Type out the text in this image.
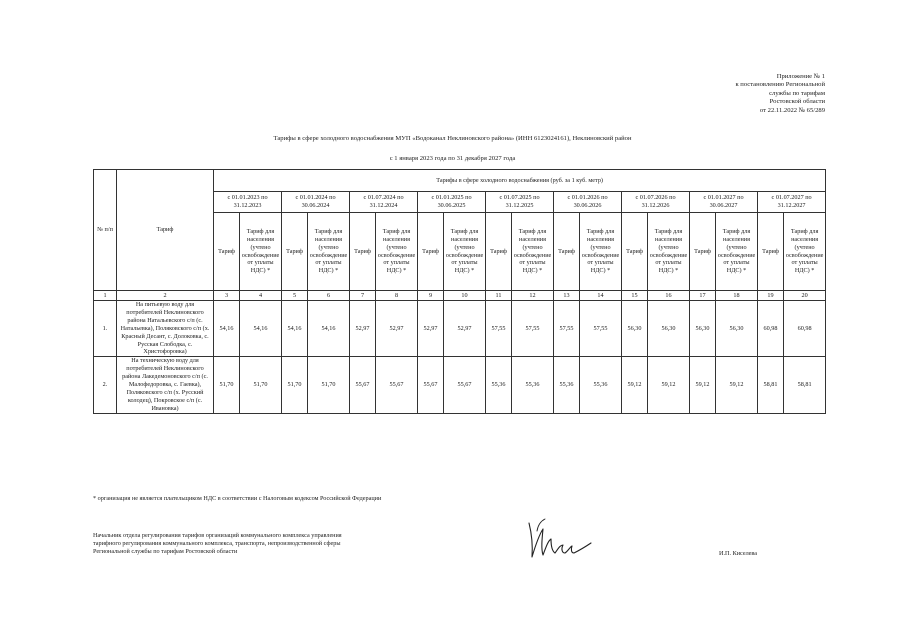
Приложение № 1
к постановлению Региональной
службы по тарифам
Ростовской области
от 22.11.2022 № 65/289
Тарифы в сфере холодного водоснабжения МУП «Водоканал Неклиновского района» (ИНН 6123024161), Неклиновский район
с 1 января 2023 года по 31 декабря 2027 года
№ п/п	Тариф	Тарифы в сфере холодного водоснабжения (руб. за 1 куб. метр)																	
		с 01.01.2023 по 31.12.2023		с 01.01.2024 по 30.06.2024		с 01.07.2024 по 31.12.2024		с 01.01.2025 по 30.06.2025		с 01.07.2025 по 31.12.2025		с 01.01.2026 по 30.06.2026		с 01.07.2026 по 31.12.2026		с 01.01.2027 по 30.06.2027		с 01.07.2027 по 31.12.2027	
		Тариф	Тариф для населения (учтено освобождение от уплаты НДС) *	Тариф	Тариф для населения (учтено освобождение от уплаты НДС) *	Тариф	Тариф для населения (учтено освобождение от уплаты НДС) *	Тариф	Тариф для населения (учтено освобождение от уплаты НДС) *	Тариф	Тариф для населения (учтено освобождение от уплаты НДС) *	Тариф	Тариф для населения (учтено освобождение от уплаты НДС) *	Тариф	Тариф для населения (учтено освобождение от уплаты НДС) *	Тариф	Тариф для населения (учтено освобождение от уплаты НДС) *	Тариф	Тариф для населения (учтено освобождение от уплаты НДС) *
1	2	3	4	5	6	7	8	9	10	11	12	13	14	15	16	17	18	19	20
1.	На питьевую воду для потребителей Неклиновского района Натальевского с/п (с. Натальевка), Поляковского с/п (х. Красный Десант, с. Долоковка, с. Русская Слободка, с. Христофоровка)	54,16	54,16	54,16	54,16	52,97	52,97	52,97	52,97	57,55	57,55	57,55	57,55	56,30	56,30	56,30	56,30	60,98	60,98
2.	На техническую воду для потребителей Неклиновского района Лакедемоновского с/п (с. Малофедоровка, с. Гаевка), Поляковского с/п (х. Русский колодец), Покровское с/п (с. Ивановка)	51,70	51,70	51,70	51,70	55,67	55,67	55,67	55,67	55,36	55,36	55,36	55,36	59,12	59,12	59,12	59,12	58,81	58,81
* организация не является плательщиком НДС в соответствии с Налоговым кодексом Российской Федерации
Начальник отдела регулирования тарифов организаций коммунального комплекса управления
тарифного регулирования коммунального комплекса, транспорта, непроизводственной сферы
Региональной службы по тарифам Ростовской области	И.П. Киселева
